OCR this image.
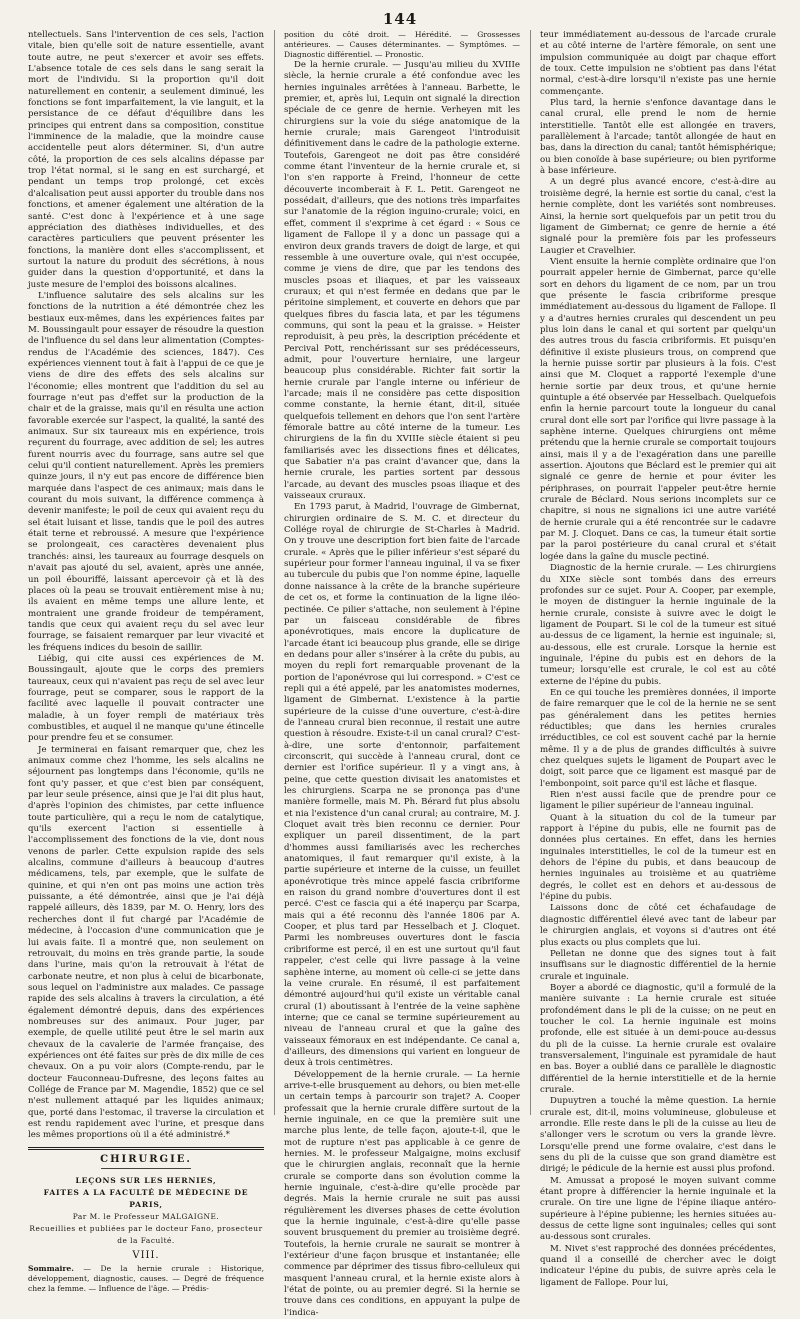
144

ntellectuels. Sans l'intervention de ces sels, l'action vitale, bien qu'elle soit de nature essentielle, avant toute autre, ne peut s'exercer et avoir ses effets. L'absence totale de ces sels dans le sang serait la mort de l'individu. Si la proportion qu'il doit naturellement en contenir, a seulement diminué, les fonctions se font imparfaitement, la vie languit, et la persistance de ce défaut d'équilibre dans les principes qui entrent dans sa composition, constitue l'imminence de la maladie, que la moindre cause accidentelle peut alors déterminer. Si, d'un autre côté, la proportion de ces sels alcalins dépasse par trop l'état normal, si le sang en est surchargé, et pendant un temps trop prolongé, cet excès d'alcalisation peut aussi apporter du trouble dans nos fonctions, et amener également une altération de la santé. C'est donc à l'expérience et à une sage appréciation des diathèses individuelles, et des caractères particuliers que peuvent présenter les fonctions, la manière dont elles s'accomplissent, et surtout la nature du produit des sécrétions, à nous guider dans la question d'opportunité, et dans la juste mesure de l'emploi des boissons alcalines.

L'influence salutaire des sels alcalins sur les fonctions de la nutrition a été démontrée chez les bestiaux eux-mêmes, dans les expériences faites par M. Boussingault pour essayer de résoudre la question de l'influence du sel dans leur alimentation (Comptes-rendus de l'Académie des sciences, 1847). Ces expériences viennent tout à fait à l'appui de ce que je viens de dire des effets des sels alcalins sur l'économie; elles montrent que l'addition du sel au fourrage n'eut pas d'effet sur la production de la chair et de la graisse, mais qu'il en résulta une action favorable exercée sur l'aspect, la qualité, la santé des animaux. Sur six taureaux mis en expérience, trois reçurent du fourrage, avec addition de sel; les autres furent nourris avec du fourrage, sans autre sel que celui qu'il contient naturellement. Après les premiers quinze jours, il n'y eut pas encore de différence bien marquée dans l'aspect de ces animaux; mais dans le courant du mois suivant, la différence commença à devenir manifeste; le poil de ceux qui avaient reçu du sel était luisant et lisse, tandis que le poil des autres était terne et rebroussé. A mesure que l'expérience se prolongeait, ces caractères devenaient plus tranchés: ainsi, les taureaux au fourrage desquels on n'avait pas ajouté du sel, avaient, après une année, un poil ébouriffé, laissant apercevoir çà et là des places où la peau se trouvait entièrement mise à nu; ils avaient en même temps une allure lente, et montraient une grande froideur de tempérament, tandis que ceux qui avaient reçu du sel avec leur fourrage, se faisaient remarquer par leur vivacité et les fréquens indices du besoin de saillir.

Liébig, qui cite aussi ces expériences de M. Boussingault, ajoute que le corps des premiers taureaux, ceux qui n'avaient pas reçu de sel avec leur fourrage, peut se comparer, sous le rapport de la facilité avec laquelle il pouvait contracter une maladie, à un foyer rempli de matériaux très combustibles, et auquel il ne manque qu'une étincelle pour prendre feu et se consumer.

Je terminerai en faisant remarquer que, chez les animaux comme chez l'homme, les sels alcalins ne séjournent pas longtemps dans l'économie, qu'ils ne font qu'y passer, et que c'est bien par conséquent, par leur seule présence, ainsi que je l'ai dit plus haut, d'après l'opinion des chimistes, par cette influence toute particulière, qui a reçu le nom de catalytique, qu'ils exercent l'action si essentielle à l'accomplissement des fonctions de la vie, dont nous venons de parler. Cette expulsion rapide des sels alcalins, commune d'ailleurs à beaucoup d'autres médicamens, tels, par exemple, que le sulfate de quinine, et qui n'en ont pas moins une action très puissante, a été démontrée, ainsi que je l'ai déjà rappelé ailleurs, dès 1839, par M. O. Henry, lors des recherches dont il fut chargé par l'Académie de médecine, à l'occasion d'une communication que je lui avais faite. Il a montré que, non seulement on retrouvait, du moins en très grande partie, la soude dans l'urine, mais qu'on la retrouvait à l'état de carbonate neutre, et non plus à celui de bicarbonate, sous lequel on l'administre aux malades. Ce passage rapide des sels alcalins à travers la circulation, a été également démontré depuis, dans des expériences nombreuses sur des animaux. Pour juger, par exemple, de quelle utilité peut être le sel marin aux chevaux de la cavalerie de l'armée française, des expériences ont été faites sur près de dix mille de ces chevaux. On a pu voir alors (Compte-rendu, par le docteur Fauconneau-Dufresne, des leçons faites au Collége de France par M. Magendie, 1852) que ce sel n'est nullement attaqué par les liquides animaux; que, porté dans l'estomac, il traverse la circulation et est rendu rapidement avec l'urine, et presque dans les mêmes proportions où il a été administré.*

CHIRURGIE.
LEÇONS SUR LES HERNIES,
FAITES A LA FACULTÉ DE MÉDECINE DE PARIS,
Par M. le Professeur MALGAIGNE.
Recueillies et publiées par le docteur Fano, prosecteur de la Faculté.
VIII.

Sommaire. — De la hernie crurale : Historique, développement, diagnostic, causes. — Degré de fréquence chez la femme. — Influence de l'âge. — Prédis-

position du côté droit. — Hérédité. — Grossesses antérieures. — Causes déterminantes. — Symptômes. — Diagnostic différentiel. — Pronostic.

De la hernie crurale. — Jusqu'au milieu du XVIIIe siècle, la hernie crurale a été confondue avec les hernies inguinales arrêtées à l'anneau. Barbette, le premier, et, après lui, Lequin ont signalé la direction spéciale de ce genre de hernie. Verheyen mit les chirurgiens sur la voie du siége anatomique de la hernie crurale; mais Garengeot l'introduisit définitivement dans le cadre de la pathologie externe. Toutefois, Garengeot ne doit pas être considéré comme étant l'inventeur de la hernie crurale et, si l'on s'en rapporte à Freind, l'honneur de cette découverte incomberait à F. L. Petit. Garengeot ne possédait, d'ailleurs, que des notions très imparfaites sur l'anatomie de la région inguino-crurale; voici, en effet, comment il s'exprime à cet égard : « Sous ce ligament de Fallope il y a donc un passage qui a environ deux grands travers de doigt de large, et qui ressemble à une ouverture ovale, qui n'est occupée, comme je viens de dire, que par les tendons des muscles psoas et iliaques, et par les vaisseaux cruraux; et qui n'est fermée en dedans que par le péritoine simplement, et couverte en dehors que par quelques fibres du fascia lata, et par les tégumens communs, qui sont la peau et la graisse. » Heister reproduisit, à peu près, la description précédente et Percival Pott, renchérissant sur ses prédécesseurs, admit, pour l'ouverture herniaire, une largeur beaucoup plus considérable. Richter fait sortir la hernie crurale par l'angle interne ou inférieur de l'arcade; mais il ne considère pas cette disposition comme constante, la hernie étant, dit-il, située quelquefois tellement en dehors que l'on sent l'artère fémorale battre au côté interne de la tumeur. Les chirurgiens de la fin du XVIIIe siècle étaient si peu familiarisés avec les dissections fines et délicates, que Sabatier n'a pas craint d'avancer que, dans la hernie crurale, les parties sortent par dessous l'arcade, au devant des muscles psoas iliaque et des vaisseaux cruraux.

En 1793 parut, à Madrid, l'ouvrage de Gimbernat, chirurgien ordinaire de S. M. C. et directeur du Collége royal de chirurgie de St-Charles à Madrid. On y trouve une description fort bien faite de l'arcade crurale. « Après que le pilier inférieur s'est séparé du supérieur pour former l'anneau inguinal, il va se fixer au tubercule du pubis que l'on nomme épine, laquelle donne naissance à la crête de la branche supérieure de cet os, et forme la continuation de la ligne iléo-pectinée. Ce pilier s'attache, non seulement à l'épine par un faisceau considérable de fibres aponévrotiques, mais encore la duplicature de l'arcade étant ici beaucoup plus grande, elle se dirige en dedans pour aller s'insérer à la crête du pubis, au moyen du repli fort remarquable provenant de la portion de l'aponévrose qui lui correspond. » C'est ce repli qui a été appelé, par les anatomistes modernes, ligament de Gimbernat. L'existence à la partie supérieure de la cuisse d'une ouverture, c'est-à-dire de l'anneau crural bien reconnue, il restait une autre question à résoudre. Existe-t-il un canal crural? C'est-à-dire, une sorte d'entonnoir, parfaitement circonscrit, qui succède à l'anneau crural, dont ce dernier est l'orifice supérieur. Il y a vingt ans, à peine, que cette question divisait les anatomistes et les chirurgiens. Scarpa ne se prononça pas d'une manière formelle, mais M. Ph. Bérard fut plus absolu et nia l'existence d'un canal crural; au contraire, M. J. Cloquet avait très bien reconnu ce dernier. Pour expliquer un pareil dissentiment, de la part d'hommes aussi familiarisés avec les recherches anatomiques, il faut remarquer qu'il existe, à la partie supérieure et interne de la cuisse, un feuillet aponévrotique très mince appelé fascia cribriforme en raison du grand nombre d'ouvertures dont il est percé. C'est ce fascia qui a été inaperçu par Scarpa, mais qui a été reconnu dès l'année 1806 par A. Cooper, et plus tard par Hesselbach et J. Cloquet. Parmi les nombreuses ouvertures dont le fascia cribriforme est percé, il en est une surtout qu'il faut rappeler, c'est celle qui livre passage à la veine saphène interne, au moment où celle-ci se jette dans la veine crurale. En résumé, il est parfaitement démontré aujourd'hui qu'il existe un véritable canal crural (1) aboutissant à l'entrée de la veine saphène interne; que ce canal se termine supérieurement au niveau de l'anneau crural et que la gaîne des vaisseaux fémoraux en est indépendante. Ce canal a, d'ailleurs, des dimensions qui varient en longueur de deux à trois centimètres.

Développement de la hernie crurale. — La hernie arrive-t-elle brusquement au dehors, ou bien met-elle un certain temps à parcourir son trajet? A. Cooper professait que la hernie crurale diffère surtout de la hernie inguinale, en ce que la première suit une marche plus lente, de telle façon, ajoute-t-il, que le mot de rupture n'est pas applicable à ce genre de hernies. M. le professeur Malgaigne, moins exclusif que le chirurgien anglais, reconnaît que la hernie crurale se comporte dans son évolution comme la hernie inguinale, c'est-à-dire qu'elle procède par degrés. Mais la hernie crurale ne suit pas aussi régulièrement les diverses phases de cette évolution que la hernie inguinale, c'est-à-dire qu'elle passe souvent brusquement du premier au troisième degré. Toutefois, la hernie crurale ne saurait se montrer à l'extérieur d'une façon brusque et instantanée; elle commence par déprimer des tissus fibro-celluleux qui masquent l'anneau crural, et la hernie existe alors à l'état de pointe, ou au premier degré. Si la hernie se trouve dans ces conditions, en appuyant la pulpe de l'indica-

teur immédiatement au-dessous de l'arcade crurale et au côté interne de l'artère fémorale, on sent une impulsion communiquée au doigt par chaque effort de toux. Cette impulsion ne s'obtient pas dans l'état normal, c'est-à-dire lorsqu'il n'existe pas une hernie commençante.

Plus tard, la hernie s'enfonce davantage dans le canal crural, elle prend le nom de hernie interstitielle. Tantôt elle est allongée en travers, parallèlement à l'arcade; tantôt allongée de haut en bas, dans la direction du canal; tantôt hémisphérique; ou bien conoïde à base supérieure; ou bien pyriforme à base inférieure.

A un degré plus avancé encore, c'est-à-dire au troisième degré, la hernie est sortie du canal, c'est la hernie complète, dont les variétés sont nombreuses. Ainsi, la hernie sort quelquefois par un petit trou du ligament de Gimbernat; ce genre de hernie a été signalé pour la première fois par les professeurs Laugier et Cravelhier.

Vient ensuite la hernie complète ordinaire que l'on pourrait appeler hernie de Gimbernat, parce qu'elle sort en dehors du ligament de ce nom, par un trou que présente le fascia cribriforme presque immédiatement au-dessous du ligament de Fallope. Il y a d'autres hernies crurales qui descendent un peu plus loin dans le canal et qui sortent par quelqu'un des autres trous du fascia cribriformis. Et puisqu'en définitive il existe plusieurs trous, on comprend que la hernie puisse sortir par plusieurs à la fois. C'est ainsi que M. Cloquet a rapporté l'exemple d'une hernie sortie par deux trous, et qu'une hernie quintuple a été observée par Hesselbach. Quelquefois enfin la hernie parcourt toute la longueur du canal crural dont elle sort par l'orifice qui livre passage à la saphène interne. Quelques chirurgiens ont même prétendu que la hernie crurale se comportait toujours ainsi, mais il y a de l'exagération dans une pareille assertion. Ajoutons que Béclard est le premier qui ait signalé ce genre de hernie et pour éviter les périphrases, on pourrait l'appeler peut-être hernie crurale de Béclard. Nous serions incomplets sur ce chapitre, si nous ne signalions ici une autre variété de hernie crurale qui a été rencontrée sur le cadavre par M. J. Cloquet. Dans ce cas, la tumeur était sortie par la paroi postérieure du canal crural et s'était logée dans la gaîne du muscle pectiné.

Diagnostic de la hernie crurale. — Les chirurgiens du XIXe siècle sont tombés dans des erreurs profondes sur ce sujet. Pour A. Cooper, par exemple, le moyen de distinguer la hernie inguinale de la hernie crurale, consiste à suivre avec le doigt le ligament de Poupart. Si le col de la tumeur est situé au-dessus de ce ligament, la hernie est inguinale; si, au-dessous, elle est crurale. Lorsque la hernie est inguinale, l'épine du pubis est en dehors de la tumeur; lorsqu'elle est crurale, le col est au côté externe de l'épine du pubis.

En ce qui touche les premières données, il importe de faire remarquer que le col de la hernie ne se sent pas généralement dans les petites hernies réductibles; que dans les hernies crurales irréductibles, ce col est souvent caché par la hernie même. Il y a de plus de grandes difficultés à suivre chez quelques sujets le ligament de Poupart avec le doigt, soit parce que ce ligament est masqué par de l'embonpoint, soit parce qu'il est lâche et flasque.

Rien n'est aussi facile que de prendre pour ce ligament le pilier supérieur de l'anneau inguinal.

Quant à la situation du col de la tumeur par rapport à l'épine du pubis, elle ne fournit pas de données plus certaines. En effet, dans les hernies inguinales interstitielles, le col de la tumeur est en dehors de l'épine du pubis, et dans beaucoup de hernies inguinales au troisième et au quatrième degrés, le collet est en dehors et au-dessous de l'épine du pubis.

Laissons donc de côté cet échafaudage de diagnostic différentiel élevé avec tant de labeur par le chirurgien anglais, et voyons si d'autres ont été plus exacts ou plus complets que lui.

Pelletan ne donne que des signes tout à fait insuffisans sur le diagnostic différentiel de la hernie crurale et inguinale.

Boyer a abordé ce diagnostic, qu'il a formulé de la manière suivante : La hernie crurale est située profondément dans le pli de la cuisse; on ne peut en toucher le col. La hernie inguinale est moins profonde, elle est située à un demi-pouce au-dessus du pli de la cuisse. La hernie crurale est ovalaire transversalement, l'inguinale est pyramidale de haut en bas. Boyer a oublié dans ce parallèle le diagnostic différentiel de la hernie interstitielle et de la hernie crurale.

Dupuytren a touché la même question. La hernie crurale est, dit-il, moins volumineuse, globuleuse et arrondie. Elle reste dans le pli de la cuisse au lieu de s'allonger vers le scrotum ou vers la grande lèvre. Lorsqu'elle prend une forme ovalaire, c'est dans le sens du pli de la cuisse que son grand diamètre est dirigé; le pédicule de la hernie est aussi plus profond.

M. Amussat a proposé le moyen suivant comme étant propre à différencier la hernie inguinale et la crurale. On tire une ligne de l'épine iliaque antéro-supérieure à l'épine pubienne; les hernies situées au-dessus de cette ligne sont inguinales; celles qui sont au-dessous sont crurales.

M. Nivet s'est rapproché des données précédentes, quand il a conseillé de chercher avec le doigt indicateur l'épine du pubis, de suivre après cela le ligament de Fallope. Pour lui,
